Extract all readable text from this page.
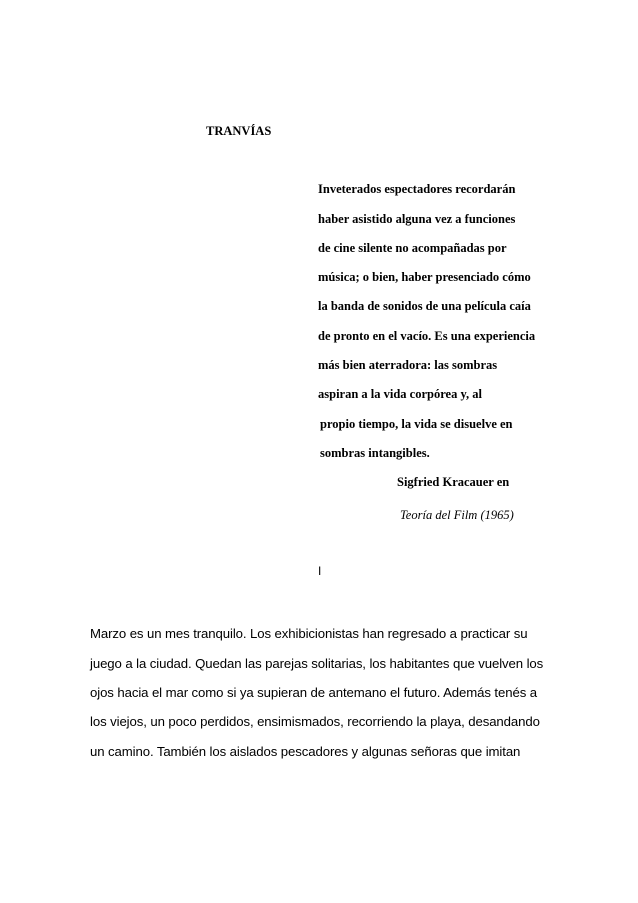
TRANVÍAS
Inveterados espectadores recordarán
haber asistido alguna vez a funciones
de cine silente no acompañadas por
música; o bien, haber presenciado cómo
la banda de sonidos de una película caía
de pronto en el vacío. Es una experiencia
más bien aterradora: las sombras
aspiran a la vida corpórea y, al
propio tiempo, la vida se disuelve en
sombras intangibles.
Sigfried Kracauer en
Teoría del Film (1965)
I
Marzo es un mes tranquilo. Los exhibicionistas han regresado a practicar su
juego a la ciudad. Quedan las parejas solitarias, los habitantes que vuelven los
ojos hacia el mar como si ya supieran de antemano el futuro. Además tenés a
los viejos, un poco perdidos, ensimismados, recorriendo la playa, desandando
un camino. También los aislados pescadores y algunas señoras que imitan
